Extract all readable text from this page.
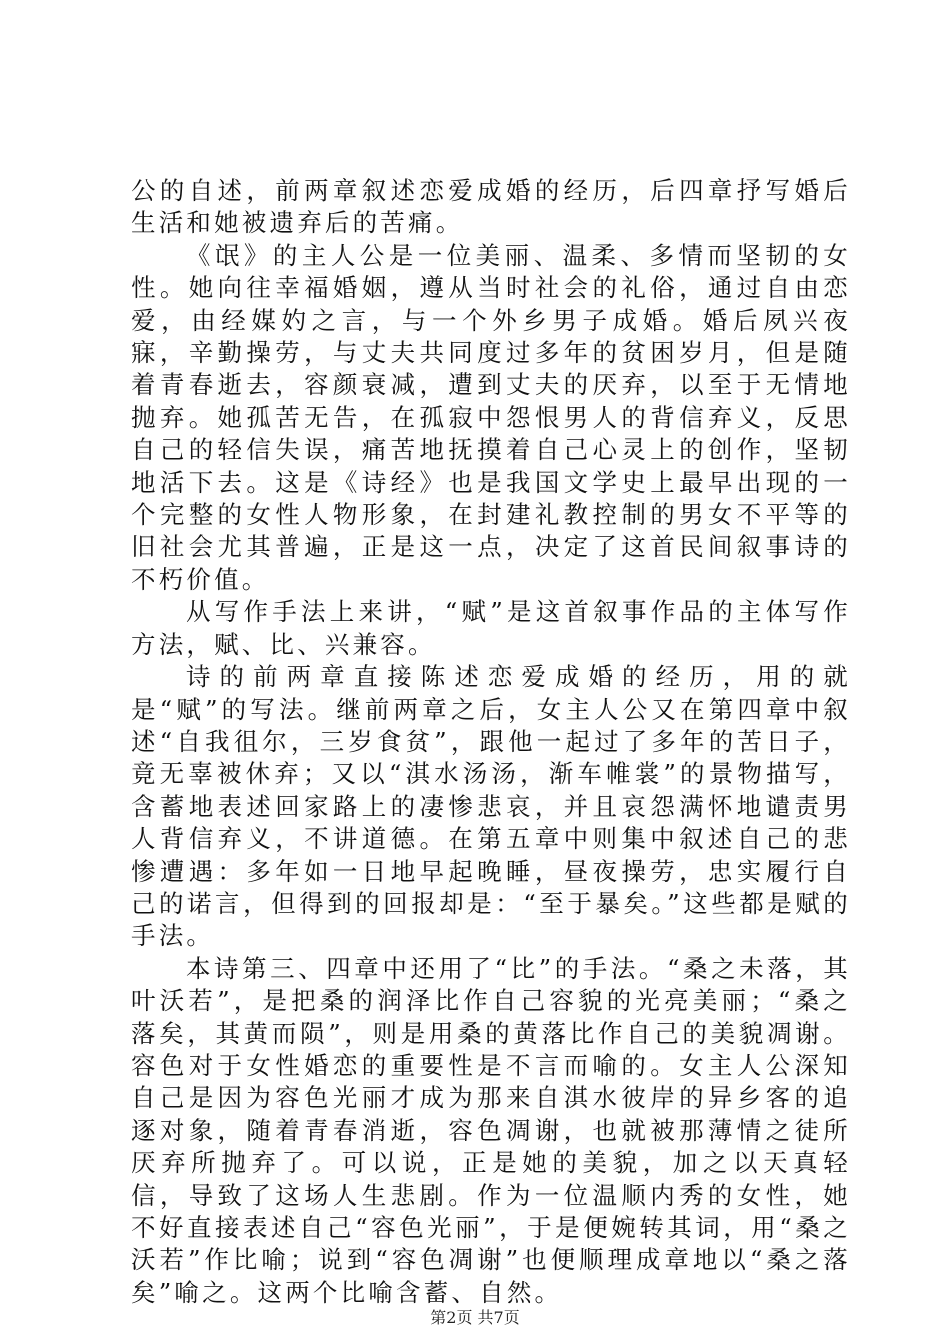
公的自述，前两章叙述恋爱成婚的经历，后四章抒写婚后生活和她被遗弃后的苦痛。

《氓》的主人公是一位美丽、温柔、多情而坚韧的女性。她向往幸福婚姻，遵从当时社会的礼俗，通过自由恋爱，由经媒妁之言，与一个外乡男子成婚。婚后夙兴夜寐，辛勤操劳，与丈夫共同度过多年的贫困岁月，但是随着青春逝去，容颜衰减，遭到丈夫的厌弃，以至于无情地抛弃。她孤苦无告，在孤寂中怨恨男人的背信弃义，反思自己的轻信失误，痛苦地抚摸着自己心灵上的创作，坚韧地活下去。这是《诗经》也是我国文学史上最早出现的一个完整的女性人物形象，在封建礼教控制的男女不平等的旧社会尤其普遍，正是这一点，决定了这首民间叙事诗的不朽价值。

从写作手法上来讲，“赋”是这首叙事作品的主体写作方法，赋、比、兴兼容。

诗的前两章直接陈述恋爱成婚的经历，用的就是“赋”的写法。继前两章之后，女主人公又在第四章中叙述“自我徂尔，三岁食贫”，跟他一起过了多年的苦日子，竟无辜被休弃；又以“淇水汤汤，渐车帷裳”的景物描写，含蓄地表述回家路上的凄惨悲哀，并且哀怨满怀地谴责男人背信弃义，不讲道德。在第五章中则集中叙述自己的悲惨遭遇：多年如一日地早起晚睡，昼夜操劳，忠实履行自己的诺言，但得到的回报却是：“至于暴矣。”这些都是赋的手法。

本诗第三、四章中还用了“比”的手法。“桑之未落，其叶沃若”，是把桑的润泽比作自己容貌的光亮美丽；“桑之落矣，其黄而陨”，则是用桑的黄落比作自己的美貌凋谢。容色对于女性婚恋的重要性是不言而喻的。女主人公深知自己是因为容色光丽才成为那来自淇水彼岸的异乡客的追逐对象，随着青春消逝，容色凋谢，也就被那薄情之徒所厌弃所抛弃了。可以说，正是她的美貌，加之以天真轻信，导致了这场人生悲剧。作为一位温顺内秀的女性，她不好直接表述自己“容色光丽”，于是便婉转其词，用“桑之沃若”作比喻；说到“容色凋谢”也便顺理成章地以“桑之落矣”喻之。这两个比喻含蓄、自然。

第2页 共7页
